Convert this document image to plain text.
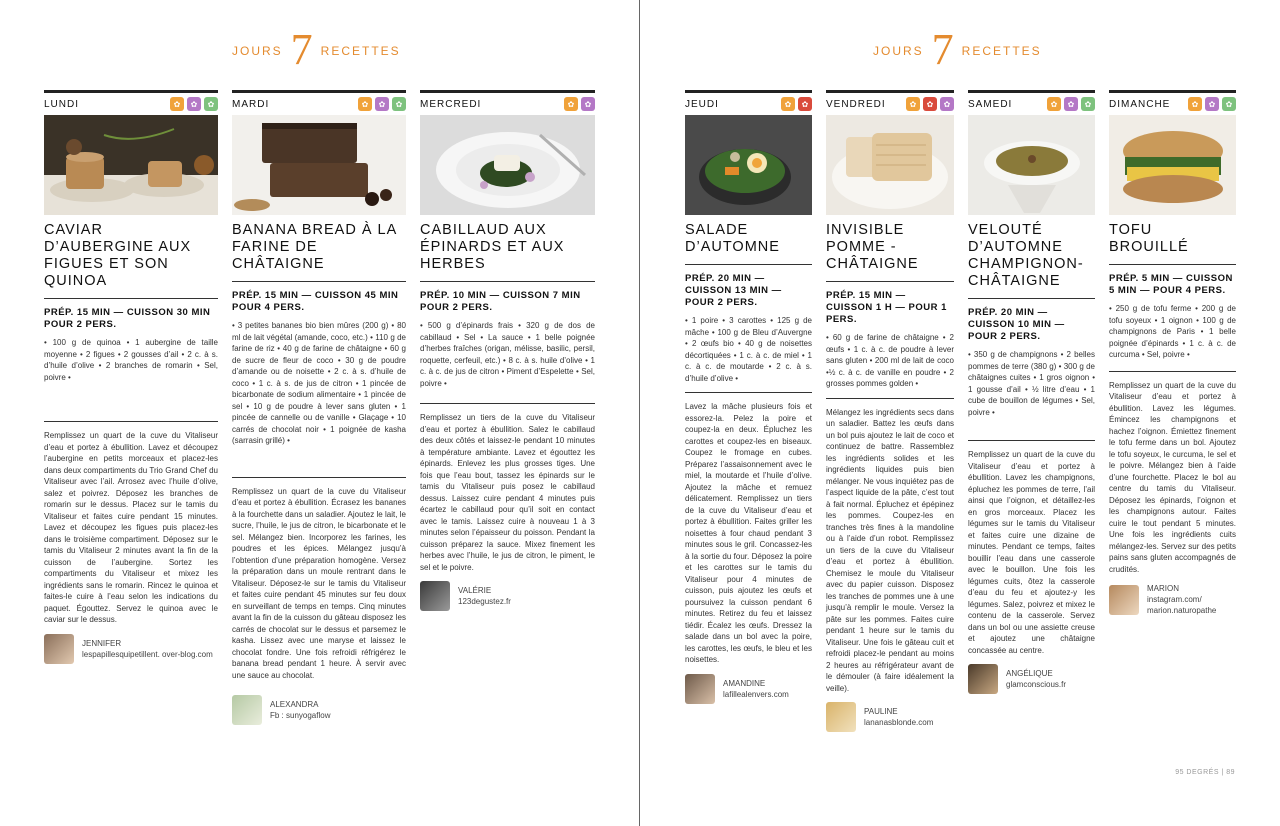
JOURS 7 RECETTES
LUNDI	✿	✿	✿
CAVIAR D’AUBERGINE AUX FIGUES ET SON QUINOA
PRÉP. 15 MIN — CUISSON 30 MIN POUR 2 PERS.
• 100 g de quinoa • 1 aubergine de taille moyenne • 2 figues • 2 gousses d’ail • 2 c. à s. d’huile d’olive • 2 branches de romarin • Sel, poivre •
Remplissez un quart de la cuve du Vitaliseur d’eau et portez à ébullition. Lavez et découpez l’aubergine en petits morceaux et placez-les dans deux compartiments du Trio Grand Chef du Vitaliseur avec l’ail. Arrosez avec l’huile d’olive, salez et poivrez. Déposez les branches de romarin sur le dessus. Placez sur le tamis du Vitaliseur et faites cuire pendant 15 minutes. Lavez et découpez les figues puis placez-les dans le troisième compartiment. Déposez sur le tamis du Vitaliseur 2 minutes avant la fin de la cuisson de l’aubergine. Sortez les compartiments du Vitaliseur et mixez les ingrédients sans le romarin. Rincez le quinoa et faites-le cuire à l’eau selon les indications du paquet. Égouttez. Servez le quinoa avec le caviar sur le dessus.
JENNIFER
lespapillesquipetillent. over-blog.com
MARDI	✿	✿	✿
BANANA BREAD À LA FARINE DE CHÂTAIGNE
PRÉP. 15 MIN — CUISSON 45 MIN POUR 4 PERS.
• 3 petites bananes bio bien mûres (200 g) • 80 ml de lait végétal (amande, coco, etc.) • 110 g de farine de riz • 40 g de farine de châtaigne • 60 g de sucre de fleur de coco • 30 g de poudre d’amande ou de noisette • 2 c. à s. d’huile de coco • 1 c. à s. de jus de citron • 1 pincée de bicarbonate de sodium alimentaire • 1 pincée de sel • 10 g de poudre à lever sans gluten • 1 pincée de cannelle ou de vanille • Glaçage • 10 carrés de chocolat noir • 1 poignée de kasha (sarrasin grillé) •
Remplissez un quart de la cuve du Vitaliseur d’eau et portez à ébullition. Écrasez les bananes à la fourchette dans un saladier. Ajoutez le lait, le sucre, l’huile, le jus de citron, le bicarbonate et le sel. Mélangez bien. Incorporez les farines, les poudres et les épices. Mélangez jusqu’à l’obtention d’une préparation homogène. Versez la préparation dans un moule rentrant dans le Vitaliseur. Déposez-le sur le tamis du Vitaliseur et faites cuire pendant 45 minutes sur feu doux en surveillant de temps en temps. Cinq minutes avant la fin de la cuisson du gâteau disposez les carrés de chocolat sur le dessus et parsemez le kasha. Lissez avec une maryse et laissez le chocolat fondre. Une fois refroidi réfrigérez le banana bread pendant 1 heure. À servir avec une sauce au chocolat.
ALEXANDRA
Fb : sunyogaflow
MERCREDI	✿	✿
CABILLAUD AUX ÉPINARDS ET AUX HERBES
PRÉP. 10 MIN — CUISSON 7 MIN POUR 2 PERS.
• 500 g d’épinards frais • 320 g de dos de cabillaud • Sel • La sauce • 1 belle poignée d’herbes fraîches (origan, mélisse, basilic, persil, roquette, cerfeuil, etc.) • 8 c. à s. huile d’olive • 1 c. à c. de jus de citron • Piment d’Espelette • Sel, poivre •
Remplissez un tiers de la cuve du Vitaliseur d’eau et portez à ébullition. Salez le cabillaud des deux côtés et laissez-le pendant 10 minutes à température ambiante. Lavez et égouttez les épinards. Enlevez les plus grosses tiges. Une fois que l’eau bout, tassez les épinards sur le tamis du Vitaliseur puis posez le cabillaud dessus. Laissez cuire pendant 4 minutes puis écartez le cabillaud pour qu’il soit en contact avec le tamis. Laissez cuire à nouveau 1 à 3 minutes selon l’épaisseur du poisson. Pendant la cuisson préparez la sauce. Mixez finement les herbes avec l’huile, le jus de citron, le piment, le sel et le poivre.
VALÉRIE
123degustez.fr
JOURS 7 RECETTES
JEUDI	✿	✿
SALADE D’AUTOMNE
PRÉP. 20 MIN — CUISSON 13 MIN — POUR 2 PERS.
• 1 poire • 3 carottes • 125 g de mâche • 100 g de Bleu d’Auvergne • 2 œufs bio • 40 g de noisettes décortiquées • 1 c. à c. de miel • 1 c. à c. de moutarde • 2 c. à s. d’huile d’olive •
Lavez la mâche plusieurs fois et essorez-la. Pelez la poire et coupez-la en deux. Épluchez les carottes et coupez-les en biseaux. Coupez le fromage en cubes. Préparez l’assaisonnement avec le miel, la moutarde et l’huile d’olive. Ajoutez la mâche et remuez délicatement. Remplissez un tiers de la cuve du Vitaliseur d’eau et portez à ébullition. Faites griller les noisettes à four chaud pendant 3 minutes sous le gril. Concassez-les à la sortie du four. Déposez la poire et les carottes sur le tamis du Vitaliseur pour 4 minutes de cuisson, puis ajoutez les œufs et poursuivez la cuisson pendant 6 minutes. Retirez du feu et laissez tiédir. Écalez les œufs. Dressez la salade dans un bol avec la poire, les carottes, les œufs, le bleu et les noisettes.
AMANDINE
lafillealenvers.com
VENDREDI	✿	✿	✿
INVISIBLE POMME - CHÂTAIGNE
PRÉP. 15 MIN — CUISSON 1 H — POUR 1 PERS.
• 60 g de farine de châtaigne • 2 œufs • 1 c. à c. de poudre à lever sans gluten • 200 ml de lait de coco •½ c. à c. de vanille en poudre • 2 grosses pommes golden •
Mélangez les ingrédients secs dans un saladier. Battez les œufs dans un bol puis ajoutez le lait de coco et continuez de battre. Rassemblez les ingrédients solides et les ingrédients liquides puis bien mélanger. Ne vous inquiétez pas de l’aspect liquide de la pâte, c’est tout à fait normal. Épluchez et épépinez les pommes. Coupez-les en tranches très fines à la mandoline ou à l’aide d’un robot. Remplissez un tiers de la cuve du Vitaliseur d’eau et portez à ébullition. Chemisez le moule du Vitaliseur avec du papier cuisson. Disposez les tranches de pommes une à une jusqu’à remplir le moule. Versez la pâte sur les pommes. Faites cuire pendant 1 heure sur le tamis du Vitaliseur. Une fois le gâteau cuit et refroidi placez-le pendant au moins 2 heures au réfrigérateur avant de le démouler (à faire idéalement la veille).
PAULINE
lananasblonde.com
SAMEDI	✿	✿	✿
VELOUTÉ D’AUTOMNE CHAMPIGNON-CHÂTAIGNE
PRÉP. 20 MIN — CUISSON 10 MIN — POUR 2 PERS.
• 350 g de champignons • 2 belles pommes de terre (380 g) • 300 g de châtaignes cuites • 1 gros oignon • 1 gousse d’ail • ½ litre d’eau • 1 cube de bouillon de légumes • Sel, poivre •
Remplissez un quart de la cuve du Vitaliseur d’eau et portez à ébullition. Lavez les champignons, épluchez les pommes de terre, l’ail ainsi que l’oignon, et détaillez-les en gros morceaux. Placez les légumes sur le tamis du Vitaliseur et faites cuire une dizaine de minutes. Pendant ce temps, faites bouillir l’eau dans une casserole avec le bouillon. Une fois les légumes cuits, ôtez la casserole d’eau du feu et ajoutez-y les légumes. Salez, poivrez et mixez le contenu de la casserole. Servez dans un bol ou une assiette creuse et ajoutez une châtaigne concassée au centre.
ANGÉLIQUE
glamconscious.fr
DIMANCHE	✿	✿	✿
TOFU BROUILLÉ
PRÉP. 5 MIN — CUISSON 5 MIN — POUR 4 PERS.
• 250 g de tofu ferme • 200 g de tofu soyeux • 1 oignon • 100 g de champignons de Paris • 1 belle poignée d’épinards • 1 c. à c. de curcuma • Sel, poivre •
Remplissez un quart de la cuve du Vitaliseur d’eau et portez à ébullition. Lavez les légumes. Émincez les champignons et hachez l’oignon. Émiettez finement le tofu ferme dans un bol. Ajoutez le tofu soyeux, le curcuma, le sel et le poivre. Mélangez bien à l’aide d’une fourchette. Placez le bol au centre du tamis du Vitaliseur. Déposez les épinards, l’oignon et les champignons autour. Faites cuire le tout pendant 5 minutes. Une fois les ingrédients cuits mélangez-les. Servez sur des petits pains sans gluten accompagnés de crudités.
MARION
instagram.com/ marion.naturopathe
95 DEGRÉS | 89
